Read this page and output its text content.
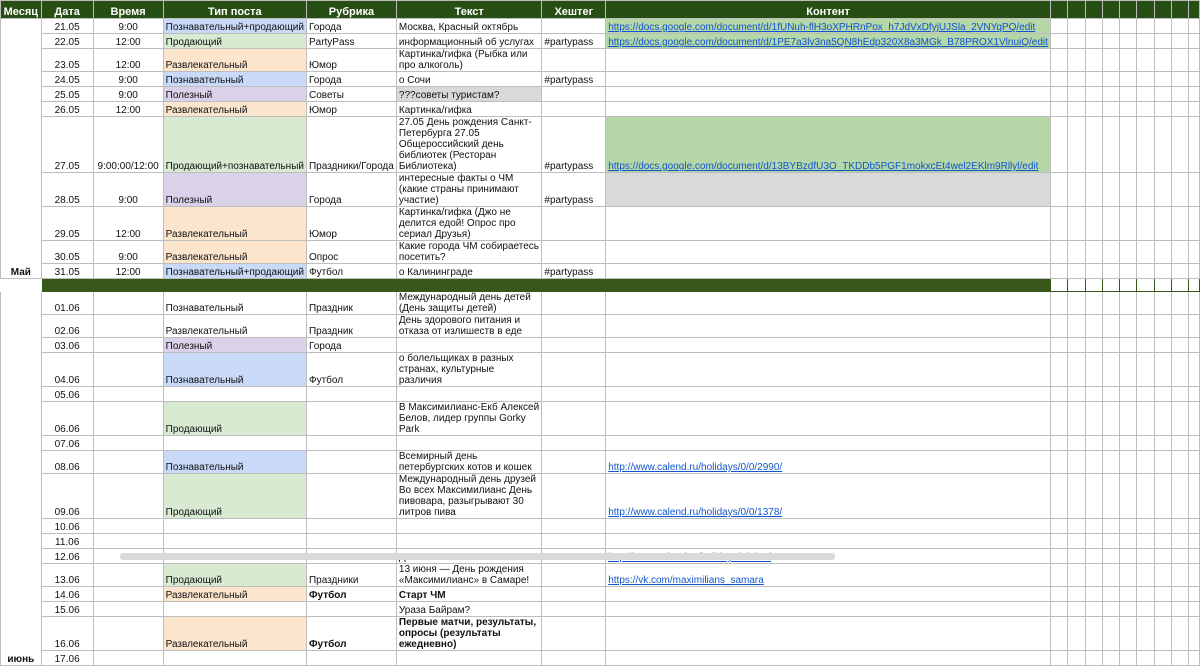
Месяц	Дата	Время	Тип поста	Рубрика	Текст	Хештег	Контент									
Май	21.05	9:00	Познавательный+продающий	Города	Москва, Красный октябрь		https://docs.google.com/document/d/1fUNuh-flH3oXPHRnPox_h7JdVxDfyjUJSla_2VNYqPQ/edit									
	22.05	12:00	Продающий	PartyPass	информационный об услугах	#partypass	https://docs.google.com/document/d/1PE7a3lv3na5QN8hEdp320X8a3MGk_B78PROX1VlnuiQ/edit									
	23.05	12:00	Развлекательный	Юмор	Картинка/гифка (Рыбка или про алкоголь)											
	24.05	9:00	Познавательный	Города	о Сочи	#partypass										
	25.05	9:00	Полезный	Советы	???советы туристам?											
	26.05	12:00	Развлекательный	Юмор	Картинка/гифка											
	27.05	9:00:00/12:00	Продающий+познавательный	Праздники/Города	27.05 День рождения Санкт-Петербурга 27.05 Общероссийский день библиотек (Ресторан Библиотека)	#partypass	https://docs.google.com/document/d/13BYBzdfU3O_TKDDb5PGF1mokxcEt4wel2EKlm9Rllyl/edit									
	28.05	9:00	Полезный	Города	интересные факты о ЧМ (какие страны принимают участие)	#partypass										
	29.05	12:00	Развлекательный	Юмор	Картинка/гифка (Джо не делится едой! Опрос про сериал Друзья)											
	30.05	9:00	Развлекательный	Опрос	Какие города ЧМ собираетесь посетить?											
	31.05	12:00	Познавательный+продающий	Футбол	о Калининграде	#partypass										

июнь	01.06		Познавательный	Праздник	Международный день детей (День защиты детей)											
	02.06		Развлекательный	Праздник	День здорового питания и отказа от излишеств в еде											
	03.06		Полезный	Города												
	04.06		Познавательный	Футбол	о болельщиках в разных странах, культурные различия											
	05.06															
	06.06		Продающий		В Максимилианс-Екб Алексей Белов, лидер группы Gorky Park											
	07.06															
	08.06		Познавательный		Всемирный день петербургских котов и кошек		http://www.calend.ru/holidays/0/0/2990/									
	09.06		Продающий		Международный день друзей Во всех Максимилианс День пивовара, разыгрывают 30 литров пива		http://www.calend.ru/holidays/0/0/1378/									
	10.06															
	11.06															
	12.06															
	13.06		Продающий	Праздники	13 июня — День рождения «Максимилианс» в Самаре!		https://vk.com/maximilians_samara									
	14.06		Развлекательный	Футбол	Старт ЧМ											
	15.06				Ураза Байрам?											
	16.06		Развлекательный	Футбол	Первые матчи, результаты, опросы (результаты ежедневно)											
	17.06															
